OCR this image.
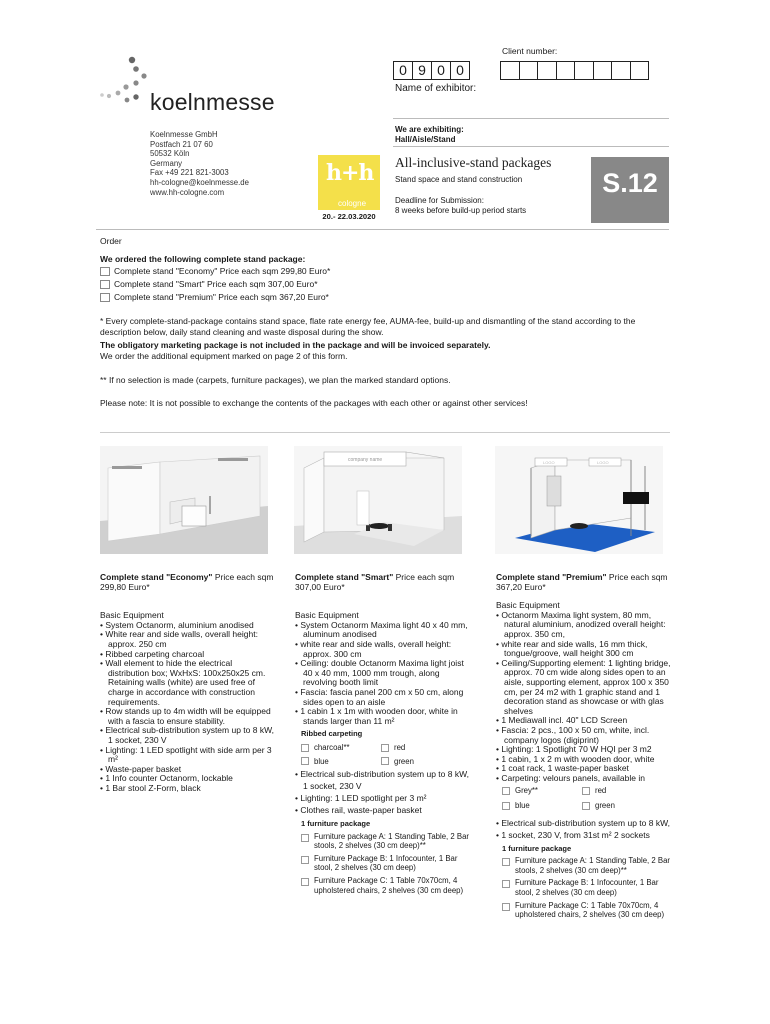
Client number:
0 9 0 0
Name of exhibitor:
koelnmesse
Koelnmesse GmbH
Postfach 21 07 60
50532 Köln
Germany
Fax +49 221 821-3003
hh-cologne@koelnmesse.de
www.hh-cologne.com
h+h
cologne
20.- 22.03.2020
We are exhibiting:
Hall/Aisle/Stand
All-inclusive-stand packages
Stand space and stand construction
Deadline for Submission:
8 weeks before build-up period starts
S.12
Order
We ordered the following complete stand package:
Complete stand "Economy" Price each sqm 299,80 Euro*
Complete stand "Smart" Price each sqm 307,00 Euro*
Complete stand "Premium" Price each sqm 367,20 Euro*
* Every complete-stand-package contains stand space, flate rate energy fee, AUMA-fee, build-up and dismantling of the stand according to the description below, daily stand cleaning and waste disposal during the show.
The obligatory marketing package is not included in the package and will be invoiced separately.
We order the additional equipment marked on page 2 of this form.
** If no selection is made (carpets, furniture packages), we plan the marked standard options.
Please note: It is not possible to exchange the contents of the packages with each other or against other services!
company name	LOGO	LOGO
Complete stand "Economy" Price each sqm 299,80 Euro*
Basic Equipment
• System Octanorm, aluminium anodised
• White rear and side walls, overall height: approx. 250 cm
• Ribbed carpeting charcoal
• Wall element to hide the electrical distribution box; WxHxS: 100x250x25 cm. Retaining walls (white) are used free of charge in accordance with construction requirements.
• Row stands up to 4m width will be equipped with a fascia to ensure stability.
• Electrical sub-distribution system up to 8 kW, 1 socket, 230 V
• Lighting: 1 LED spotlight with side arm per 3 m²
• Waste-paper basket
• 1 Info counter Octanorm, lockable
• 1 Bar stool Z-Form, black
Complete stand "Smart" Price each sqm 307,00 Euro*
Basic Equipment
• System Octanorm Maxima light 40 x 40 mm, aluminum anodised
• white rear and side walls, overall height: approx. 300 cm
• Ceiling: double Octanorm Maxima light joist 40 x 40 mm, 1000 mm trough, along revolving booth limit
• Fascia: fascia panel 200 cm x 50 cm, along sides open to an aisle
• 1 cabin 1 x 1m with wooden door, white in stands larger than 11 m²
Ribbed carpeting
charcoal**	red
blue	green
• Electrical sub-distribution system up to 8 kW, 1 socket, 230 V
• Lighting: 1 LED spotlight per 3 m²
• Clothes rail, waste-paper basket
1 furniture package
Furniture package A: 1 Standing Table, 2 Bar stools, 2 shelves (30 cm deep)**
Furniture Package B: 1 Infocounter, 1 Bar stool, 2 shelves (30 cm deep)
Furniture Package C: 1 Table 70x70cm, 4 upholstered chairs, 2 shelves (30 cm deep)
Complete stand "Premium" Price each sqm 367,20 Euro*
Basic Equipment
• Octanorm Maxima light system, 80 mm, natural aluminium, anodized overall height: approx. 350 cm,
• white rear and side walls, 16 mm thick, tongue/groove, wall height 300 cm
• Ceiling/Supporting element: 1 lighting bridge, approx. 70 cm wide along sides open to an aisle, supporting element, approx 100 x 350 cm, per 24 m2 with 1 graphic stand and 1 decoration stand as showcase or with glas shelves
• 1 Mediawall incl. 40" LCD Screen
• Fascia: 2 pcs., 100 x 50 cm, white, incl. company logos (digiprint)
• Lighting: 1 Spotlight 70 W HQI per 3 m2
• 1 cabin, 1 x 2 m with wooden door, white
• 1 coat rack, 1 waste-paper basket
• Carpeting: velours panels, available in
Grey**	red
blue	green
• Electrical sub-distribution system up to 8 kW,
• 1 socket, 230 V, from 31st m² 2 sockets
1 furniture package
Furniture package A: 1 Standing Table, 2 Bar stools, 2 shelves (30 cm deep)**
Furniture Package B: 1 Infocounter, 1 Bar stool, 2 shelves (30 cm deep)
Furniture Package C: 1 Table 70x70cm, 4 upholstered chairs, 2 shelves (30 cm deep)
